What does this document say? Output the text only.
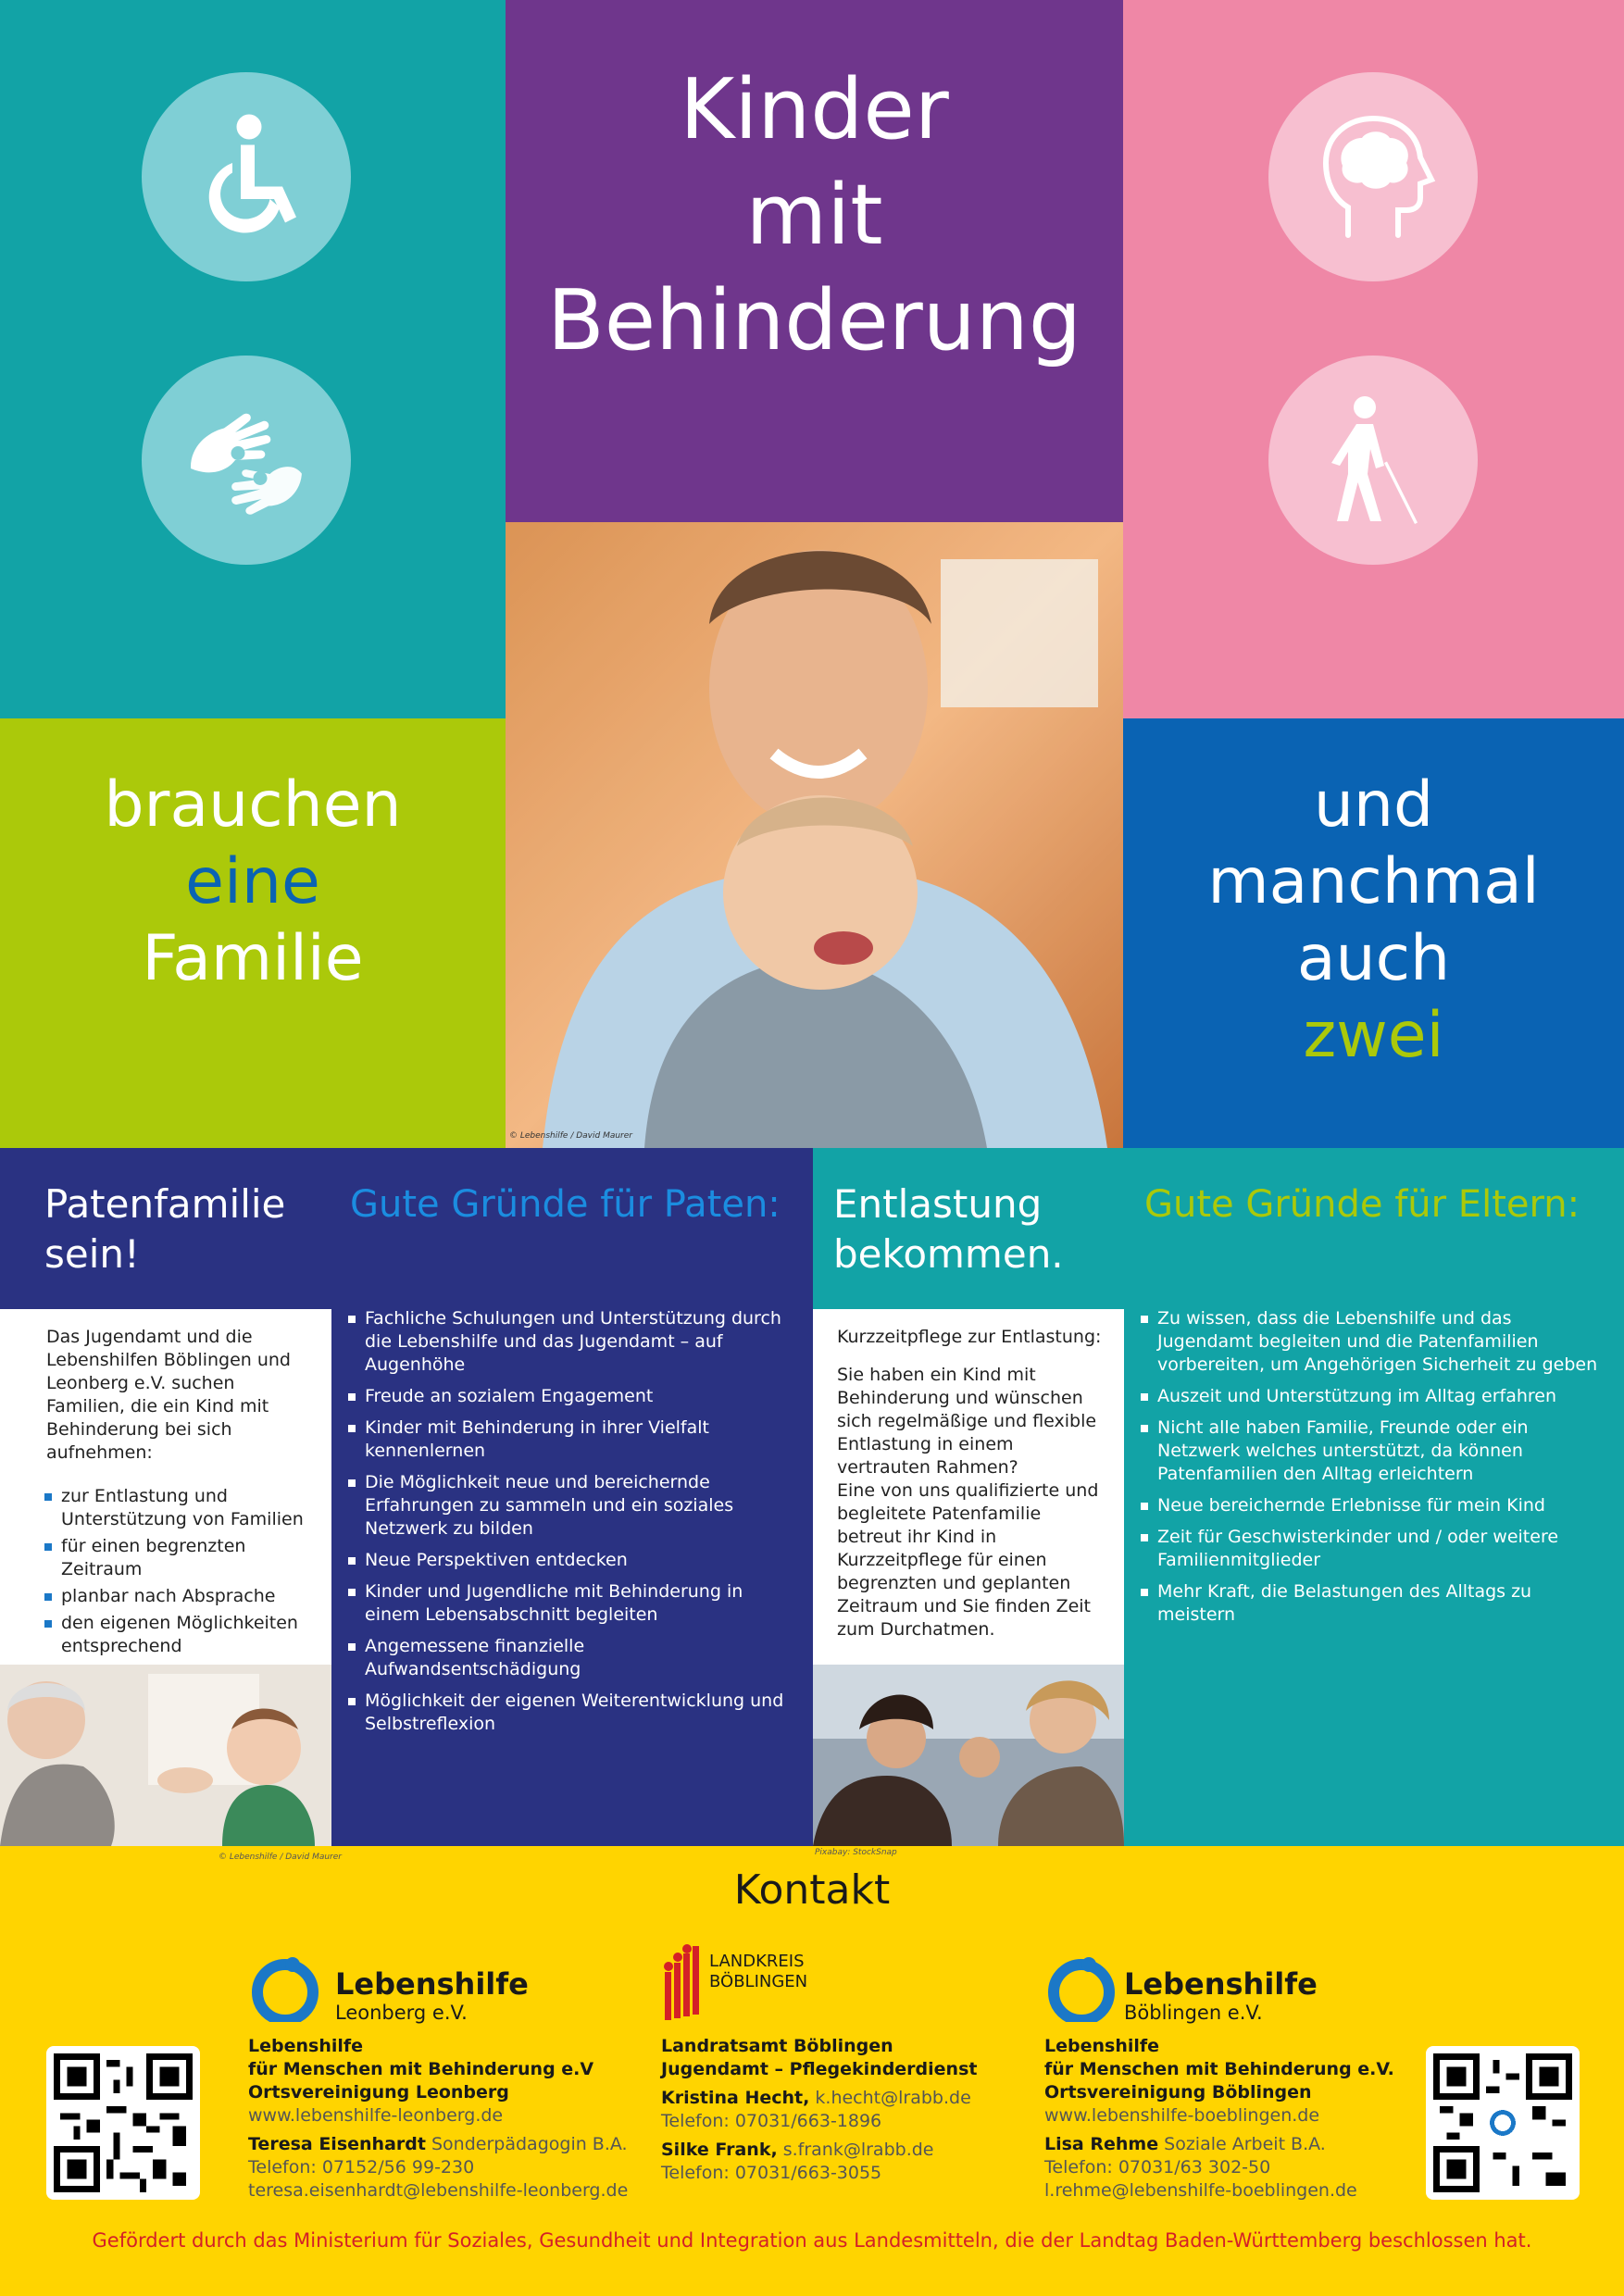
Kinder
mit
Behinderung
© Lebenshilfe / David Maurer
brauchen
eine
Familie
und
manchmal
auch
zwei
Patenfamilie
sein!
Das Jugendamt und die Lebenshilfen Böblingen und Leonberg e.V. suchen Familien, die ein Kind mit Behinderung bei sich aufnehmen:
zur Entlastung und Unterstützung von Familien
für einen begrenzten Zeitraum
planbar nach Absprache
den eigenen Möglichkeiten entsprechend
© Lebenshilfe / David Maurer
Gute Gründe für Paten:
Fachliche Schulungen und Unterstützung durch die Lebenshilfe und das Jugendamt – auf Augenhöhe
Freude an sozialem Engagement
Kinder mit Behinderung in ihrer Vielfalt kennenlernen
Die Möglichkeit neue und bereichernde Erfahrungen zu sammeln und ein soziales Netzwerk zu bilden
Neue Perspektiven entdecken
Kinder und Jugendliche mit Behinderung in einem Lebensabschnitt begleiten
Angemessene finanzielle Aufwandsentschädigung
Möglichkeit der eigenen Weiterentwicklung und Selbstreflexion
Entlastung
bekommen.
Kurzzeitpflege zur Entlastung:
Sie haben ein Kind mit Behinderung und wünschen sich regelmäßige und flexible Entlastung in einem vertrauten Rahmen?
Eine von uns qualifizierte und begleitete Patenfamilie betreut ihr Kind in Kurzzeitpflege für einen begrenzten und geplanten Zeitraum und Sie finden Zeit zum Durchatmen.
Pixabay: StockSnap
Gute Gründe für Eltern:
Zu wissen, dass die Lebenshilfe und das Jugendamt begleiten und die Patenfamilien vorbereiten, um Angehörigen Sicherheit zu geben
Auszeit und Unterstützung im Alltag erfahren
Nicht alle haben Familie, Freunde oder ein Netzwerk welches unterstützt, da können Patenfamilien den Alltag erleichtern
Neue bereichernde Erlebnisse für mein Kind
Zeit für Geschwisterkinder und / oder weitere Familienmitglieder
Mehr Kraft, die Belastungen des Alltags zu meistern
Kontakt
Lebenshilfe
Leonberg e.V.
Lebenshilfe
für Menschen mit Behinderung e.V
Ortsvereinigung Leonberg
www.lebenshilfe-leonberg.de
Teresa Eisenhardt Sonderpädagogin B.A.
Telefon: 07152/56 99-230
teresa.eisenhardt@lebenshilfe-leonberg.de
LANDKREIS
BÖBLINGEN
Landratsamt Böblingen
Jugendamt – Pflegekinderdienst
Kristina Hecht, k.hecht@lrabb.de
Telefon: 07031/663-1896
Silke Frank, s.frank@lrabb.de
Telefon: 07031/663-3055
Lebenshilfe
Böblingen e.V.
Lebenshilfe
für Menschen mit Behinderung e.V.
Ortsvereinigung Böblingen
www.lebenshilfe-boeblingen.de
Lisa Rehme Soziale Arbeit B.A.
Telefon: 07031/63 302-50
l.rehme@lebenshilfe-boeblingen.de
Gefördert durch das Ministerium für Soziales, Gesundheit und Integration aus Landesmitteln, die der Landtag Baden-Württemberg beschlossen hat.
